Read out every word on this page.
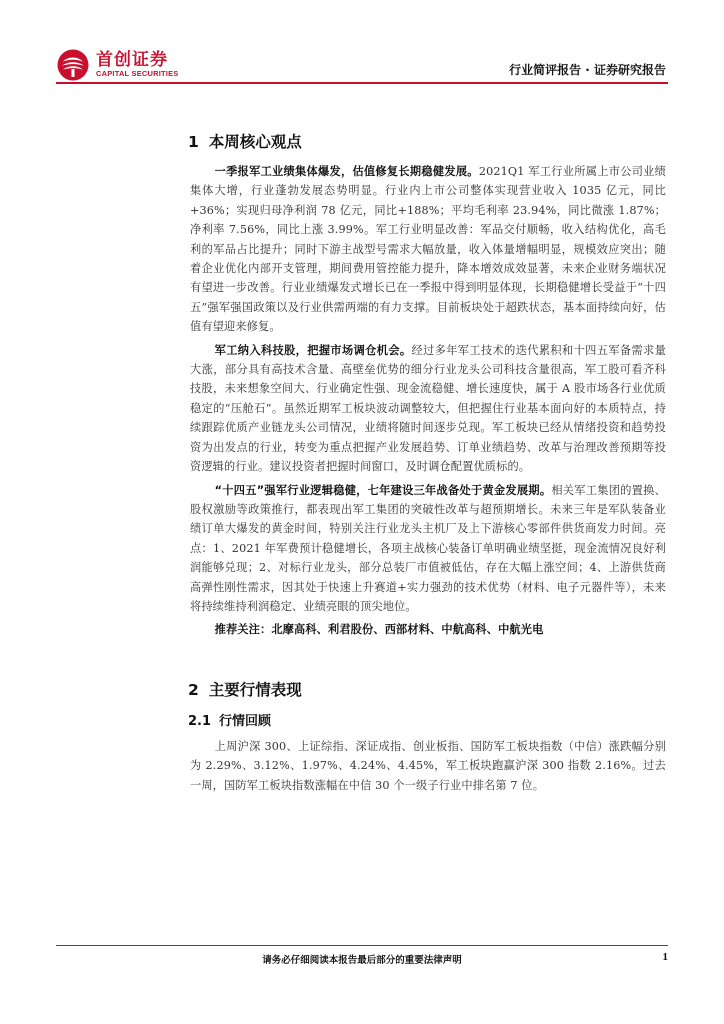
首创证券
CAPITAL SECURITIES	行业简评报告 · 证券研究报告
1 本周核心观点

一季报军工业绩集体爆发，估值修复长期稳健发展。2021Q1 军工行业所属上市公司业绩集体大增，行业蓬勃发展态势明显。行业内上市公司整体实现营业收入 1035 亿元，同比+36%；实现归母净利润 78 亿元，同比+188%；平均毛利率 23.94%，同比微涨 1.87%；净利率 7.56%，同比上涨 3.99%。军工行业明显改善：军品交付顺畅，收入结构优化，高毛利的军品占比提升；同时下游主战型号需求大幅放量，收入体量增幅明显，规模效应突出；随着企业优化内部开支管理，期间费用管控能力提升，降本增效成效显著，未来企业财务端状况有望进一步改善。行业业绩爆发式增长已在一季报中得到明显体现，长期稳健增长受益于“十四五”强军强国政策以及行业供需两端的有力支撑。目前板块处于超跌状态，基本面持续向好，估值有望迎来修复。

军工纳入科技股，把握市场调仓机会。经过多年军工技术的迭代累积和十四五军备需求量大涨，部分具有高技术含量、高壁垒优势的细分行业龙头公司科技含量很高，军工股可看齐科技股，未来想象空间大、行业确定性强、现金流稳健、增长速度快，属于 A 股市场各行业优质稳定的“压舱石”。虽然近期军工板块波动调整较大，但把握住行业基本面向好的本质特点，持续跟踪优质产业链龙头公司情况，业绩将随时间逐步兑现。军工板块已经从情绪投资和趋势投资为出发点的行业，转变为重点把握产业发展趋势、订单业绩趋势、改革与治理改善预期等投资逻辑的行业。建议投资者把握时间窗口，及时调仓配置优质标的。

“十四五”强军行业逻辑稳健，七年建设三年战备处于黄金发展期。相关军工集团的置换、股权激励等政策推行，都表现出军工集团的突破性改革与超预期增长。未来三年是军队装备业绩订单大爆发的黄金时间，特别关注行业龙头主机厂及上下游核心零部件供货商发力时间。亮点：1、2021 年军费预计稳健增长，各项主战核心装备订单明确业绩坚挺，现金流情况良好利润能够兑现；2、对标行业龙头，部分总装厂市值被低估，存在大幅上涨空间；4、上游供货商高弹性刚性需求，因其处于快速上升赛道+实力强劲的技术优势（材料、电子元器件等），未来将持续维持利润稳定、业绩亮眼的顶尖地位。

推荐关注：北摩高科、利君股份、西部材料、中航高科、中航光电

2 主要行情表现
2.1 行情回顾

上周沪深 300、上证综指、深证成指、创业板指、国防军工板块指数（中信）涨跌幅分别为 2.29%、3.12%、1.97%、4.24%、4.45%，军工板块跑赢沪深 300 指数 2.16%。过去一周，国防军工板块指数涨幅在中信 30 个一级子行业中排名第 7 位。

请务必仔细阅读本报告最后部分的重要法律声明	1
